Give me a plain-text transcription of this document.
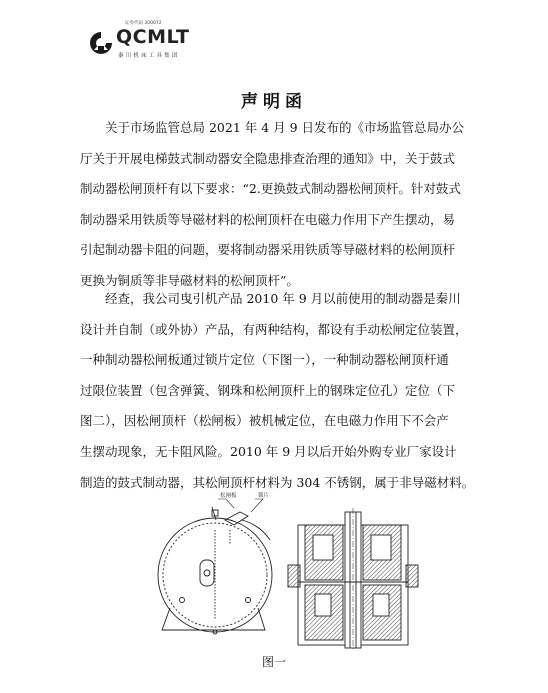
证券代码 300072
QCMLT
秦川机床工具集团
声明函
关于市场监管总局 2021 年 4 月 9 日发布的《市场监管总局办公
厅关于开展电梯鼓式制动器安全隐患排查治理的通知》中，关于鼓式
制动器松闸顶杆有以下要求：“2.更换鼓式制动器松闸顶杆。针对鼓式
制动器采用铁质等导磁材料的松闸顶杆在电磁力作用下产生摆动，易
引起制动器卡阻的问题，要将制动器采用铁质等导磁材料的松闸顶杆
更换为铜质等非导磁材料的松闸顶杆”。
经查，我公司曳引机产品 2010 年 9 月以前使用的制动器是秦川
设计并自制（或外协）产品，有两种结构，都设有手动松闸定位装置，
一种制动器松闸板通过锁片定位（下图一），一种制动器松闸顶杆通
过限位装置（包含弹簧、钢珠和松闸顶杆上的钢珠定位孔）定位（下
图二），因松闸顶杆（松闸板）被机械定位，在电磁力作用下不会产
生摆动现象，无卡阻风险。2010 年 9 月以后开始外购专业厂家设计
制造的鼓式制动器，其松闸顶杆材料为 304 不锈钢，属于非导磁材料。
松闸板	锁片
图一
